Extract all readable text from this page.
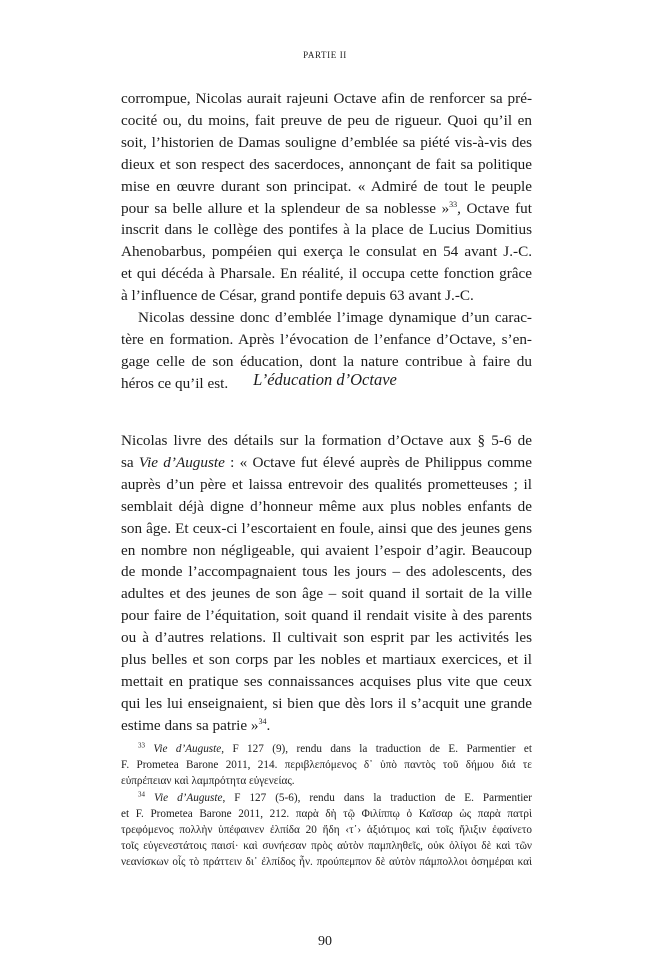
PARTIE II

corrompue, Nicolas aurait rajeuni Octave afin de renforcer sa pré-
cocité ou, du moins, fait preuve de peu de rigueur. Quoi qu’il en
soit, l’historien de Damas souligne d’emblée sa piété vis-à-vis des
dieux et son respect des sacerdoces, annonçant de fait sa politique
mise en œuvre durant son principat. « Admiré de tout le peuple
pour sa belle allure et la splendeur de sa noblesse »$^{33}$, Octave fut
inscrit dans le collège des pontifes à la place de Lucius Domitius
Ahenobarbus, pompéien qui exerça le consulat en 54 avant J.-C.
et qui décéda à Pharsale. En réalité, il occupa cette fonction grâce
à l’influence de César, grand pontife depuis 63 avant J.-C.

Nicolas dessine donc d’emblée l’image dynamique d’un carac-
tère en formation. Après l’évocation de l’enfance d’Octave, s’en-
gage celle de son éducation, dont la nature contribue à faire du
héros ce qu’il est.	L’éducation d’Octave

Nicolas livre des détails sur la formation d’Octave aux § 5-6 de
sa Vie d’Auguste : « Octave fut élevé auprès de Philippus comme
auprès d’un père et laissa entrevoir des qualités prometteuses ; il
semblait déjà digne d’honneur même aux plus nobles enfants de
son âge. Et ceux-ci l’escortaient en foule, ainsi que des jeunes gens
en nombre non négligeable, qui avaient l’espoir d’agir. Beaucoup
de monde l’accompagnaient tous les jours – des adolescents, des
adultes et des jeunes de son âge – soit quand il sortait de la ville
pour faire de l’équitation, soit quand il rendait visite à des parents
ou à d’autres relations. Il cultivait son esprit par les activités les
plus belles et son corps par les nobles et martiaux exercices, et il
mettait en pratique ses connaissances acquises plus vite que ceux
qui les lui enseignaient, si bien que dès lors il s’acquit une grande
estime dans sa patrie »$^{34}$.

$^{33}$ Vie d’Auguste, F 127 (9), rendu dans la traduction de E. Parmentier et
F. Prometea Barone 2011, 214. περιβλεπόμενος δ᾽ ὑπὸ παντὸς τοῦ δήμου διά τε
εὐπρέπειαν καὶ λαμπρότητα εὐγενείας.

$^{34}$ Vie d’Auguste, F 127 (5-6), rendu dans la traduction de E. Parmentier
et F. Prometea Barone 2011, 212. παρὰ δὴ τῷ Φιλίππῳ ὁ Καῖσαρ ὡς παρὰ πατρὶ
τρεφόμενος πολλὴν ὑπέφαινεν ἐλπίδα 20 ἤδη ‹τ᾽› ἀξιότιμος καὶ τοῖς ἥλιξιν ἐφαίνετο
τοῖς εὐγενεστάτοις παισί· καὶ συνήεσαν πρὸς αὐτὸν παμπληθεῖς, οὐκ ὀλίγοι δὲ καὶ τῶν
νεανίσκων οἷς τὸ πράττειν δι᾽ ἐλπίδος ἦν. προύπεμπον δὲ αὐτὸν πάμπολλοι ὁσημέραι καὶ

90
